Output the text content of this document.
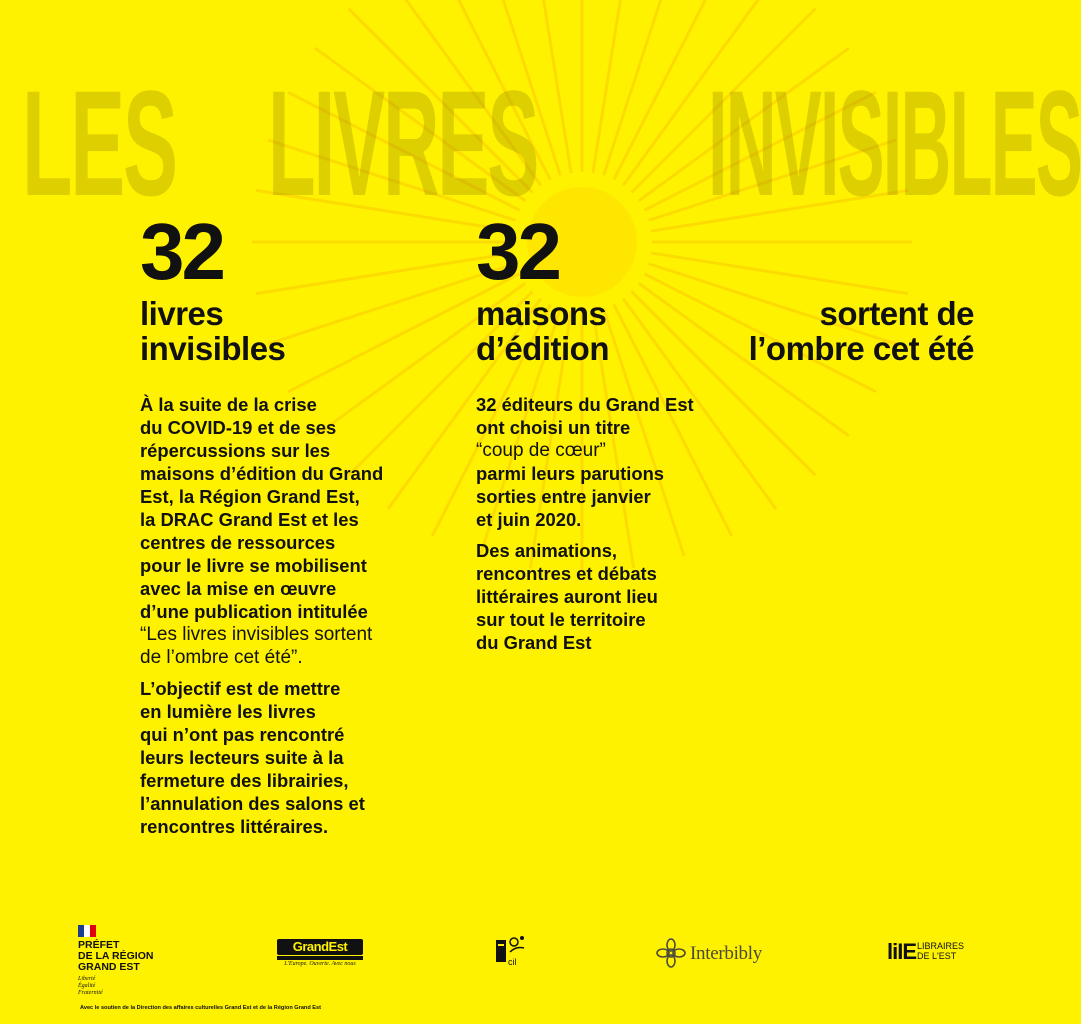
LES LIVRES INVISIBLES
32	32
livres
invisibles
maisons
d’édition
sortent de
l’ombre cet été
À la suite de la crise
du COVID-19 et de ses
répercussions sur les
maisons d’édition du Grand
Est, la Région Grand Est,
la DRAC Grand Est et les
centres de ressources
pour le livre se mobilisent
avec la mise en œuvre
d’une publication intitulée
“Les livres invisibles sortent
de l’ombre cet été”.
L’objectif est de mettre
en lumière les livres
qui n’ont pas rencontré
leurs lecteurs suite à la
fermeture des librairies,
l’annulation des salons et
rencontres littéraires.
32 éditeurs du Grand Est
ont choisi un titre
“coup de cœur”
parmi leurs parutions
sorties entre janvier
et juin 2020.
Des animations,
rencontres et débats
littéraires auront lieu
sur tout le territoire
du Grand Est
PRÉFET
DE LA RÉGION
GRAND EST
Liberté
Égalité
Fraternité
GrandEst
L'Europe. Ouverte. Avec nous	cil	Interbibly	liIE LIBRAIRES
DE L'EST
Avec le soutien de la Direction des affaires culturelles Grand Est et de la Région Grand Est
